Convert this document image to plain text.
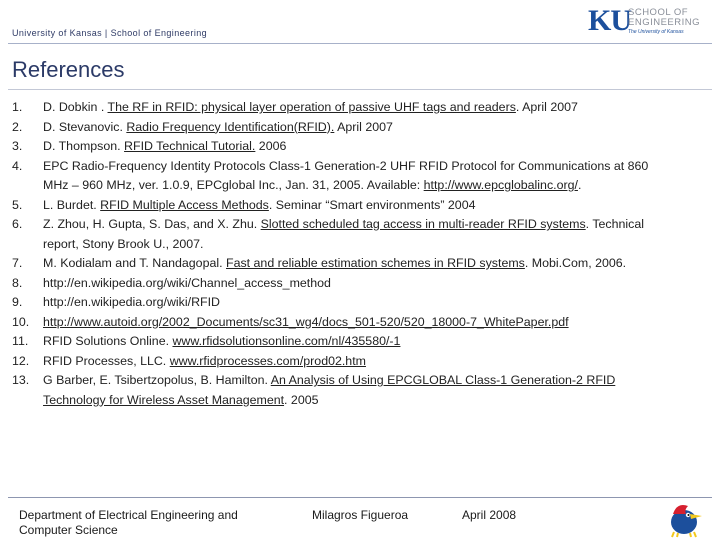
University of Kansas | School of Engineering	KU
SCHOOL OF
ENGINEERING
The University of Kansas
References
1. D. Dobkin . The RF in RFID: physical layer operation of passive UHF tags and readers. April 2007
2. D. Stevanovic. Radio Frequency Identification(RFID). April 2007
3. D. Thompson. RFID Technical Tutorial. 2006
4. EPC Radio-Frequency Identity Protocols Class-1 Generation-2 UHF RFID Protocol for Communications at 860 MHz – 960 MHz, ver. 1.0.9, EPCglobal Inc., Jan. 31, 2005. Available: http://www.epcglobalinc.org/.
5. L. Burdet. RFID Multiple Access Methods. Seminar “Smart environments” 2004
6. Z. Zhou, H. Gupta, S. Das, and X. Zhu. Slotted scheduled tag access in multi-reader RFID systems. Technical report, Stony Brook U., 2007.
7. M. Kodialam and T. Nandagopal. Fast and reliable estimation schemes in RFID systems. Mobi.Com, 2006.
8. http://en.wikipedia.org/wiki/Channel_access_method
9. http://en.wikipedia.org/wiki/RFID
10. http://www.autoid.org/2002_Documents/sc31_wg4/docs_501-520/520_18000-7_WhitePaper.pdf
11. RFID Solutions Online. www.rfidsolutionsonline.com/nl/435580/-1
12. RFID Processes, LLC. www.rfidprocesses.com/prod02.htm
13. G Barber, E. Tsibertzopolus, B. Hamilton. An Analysis of Using EPCGLOBAL Class-1 Generation-2 RFID Technology for Wireless Asset Management. 2005
Department of Electrical Engineering and Computer Science
Milagros Figueroa	April 2008
